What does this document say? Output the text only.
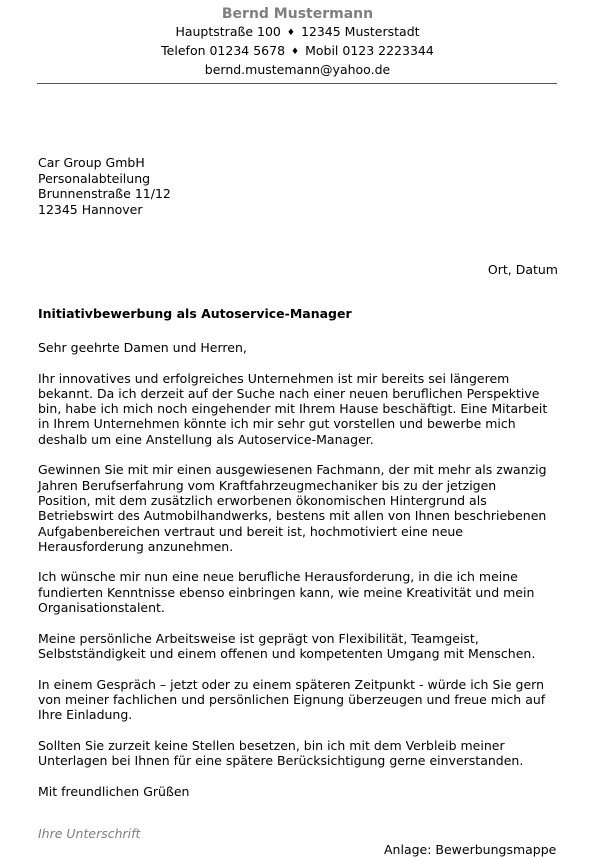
Bernd Mustermann
Hauptstraße 100 ♦ 12345 Musterstadt
Telefon 01234 5678 ♦ Mobil 0123 2223344
bernd.mustemann@yahoo.de
Car Group GmbH
Personalabteilung
Brunnenstraße 11/12
12345 Hannover
Ort, Datum
Initiativbewerbung als Autoservice-Manager

Sehr geehrte Damen und Herren,

Ihr innovatives und erfolgreiches Unternehmen ist mir bereits sei längerem
bekannt. Da ich derzeit auf der Suche nach einer neuen beruflichen Perspektive
bin, habe ich mich noch eingehender mit Ihrem Hause beschäftigt. Eine Mitarbeit
in Ihrem Unternehmen könnte ich mir sehr gut vorstellen und bewerbe mich
deshalb um eine Anstellung als Autoservice-Manager.

Gewinnen Sie mit mir einen ausgewiesenen Fachmann, der mit mehr als zwanzig
Jahren Berufserfahrung vom Kraftfahrzeugmechaniker bis zu der jetzigen
Position, mit dem zusätzlich erworbenen ökonomischen Hintergrund als
Betriebswirt des Autmobilhandwerks, bestens mit allen von Ihnen beschriebenen
Aufgabenbereichen vertraut und bereit ist, hochmotiviert eine neue
Herausforderung anzunehmen.

Ich wünsche mir nun eine neue berufliche Herausforderung, in die ich meine
fundierten Kenntnisse ebenso einbringen kann, wie meine Kreativität und mein
Organisationstalent.

Meine persönliche Arbeitsweise ist geprägt von Flexibilität, Teamgeist,
Selbstständigkeit und einem offenen und kompetenten Umgang mit Menschen.

In einem Gespräch – jetzt oder zu einem späteren Zeitpunkt - würde ich Sie gern
von meiner fachlichen und persönlichen Eignung überzeugen und freue mich auf
Ihre Einladung.

Sollten Sie zurzeit keine Stellen besetzen, bin ich mit dem Verbleib meiner
Unterlagen bei Ihnen für eine spätere Berücksichtigung gerne einverstanden.

Mit freundlichen Grüßen

Ihre Unterschrift
Anlage: Bewerbungsmappe
